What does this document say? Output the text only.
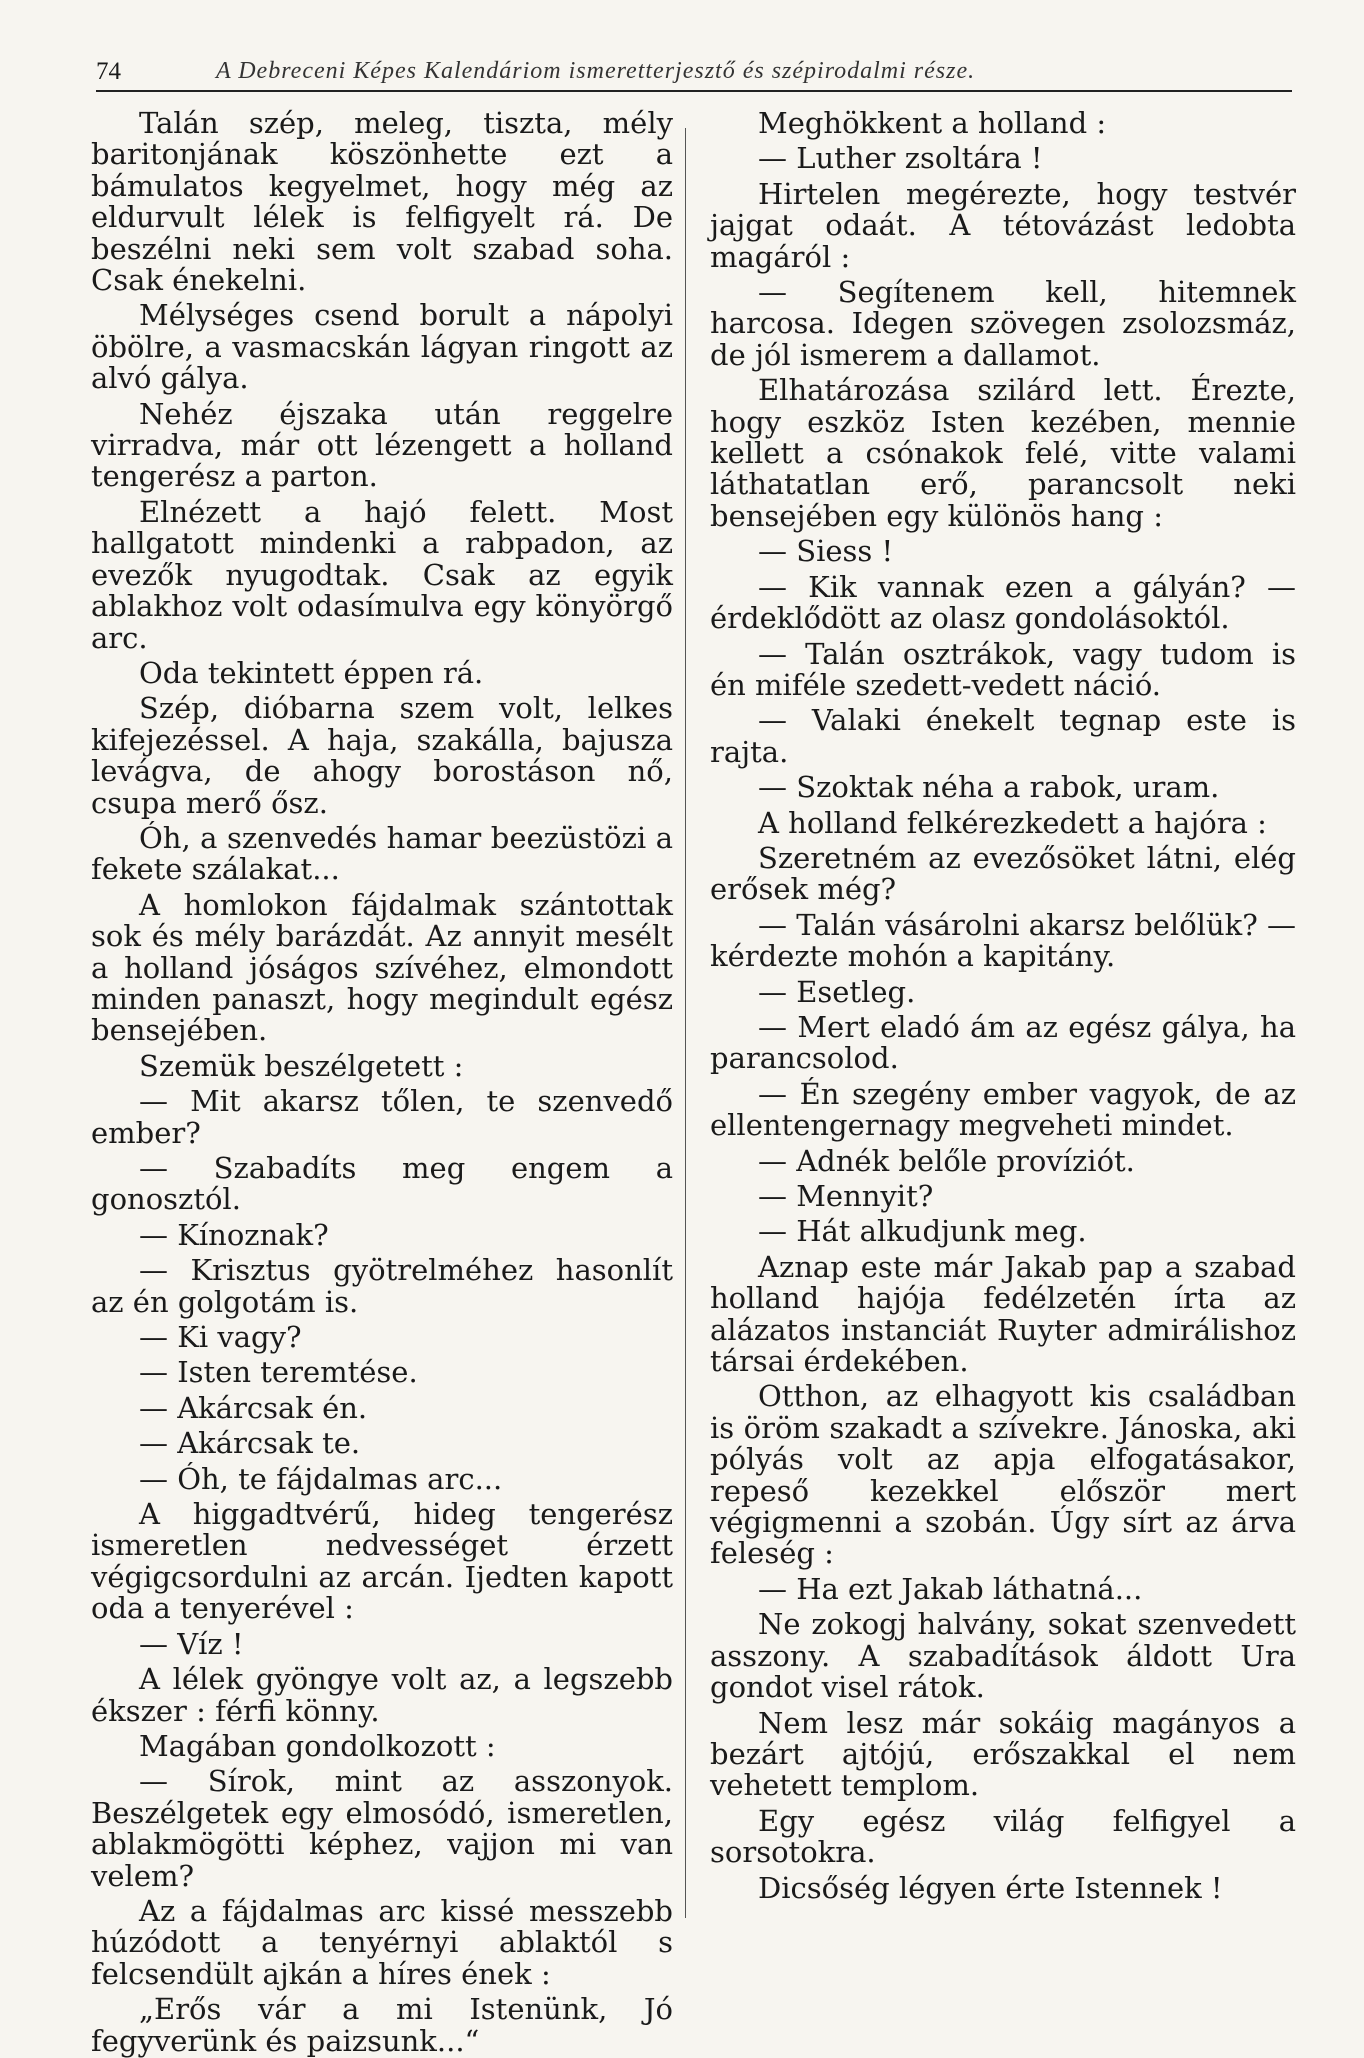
74	A Debreceni Képes Kalendáriom ismeretterjesztő és szépirodalmi része.

Talán szép, meleg, tiszta, mély baritonjának köszönhette ezt a bámulatos kegyelmet, hogy még az eldurvult lélek is felfigyelt rá. De beszélni neki sem volt szabad soha. Csak énekelni.

Mélységes csend borult a nápolyi öbölre, a vasmacskán lágyan ringott az alvó gálya.

Nehéz éjszaka után reggelre virradva, már ott lézengett a holland tengerész a parton.

Elnézett a hajó felett. Most hallgatott mindenki a rabpadon, az evezők nyugodtak. Csak az egyik ablakhoz volt odasímulva egy könyörgő arc.

Oda tekintett éppen rá.

Szép, dióbarna szem volt, lelkes kifejezéssel. A haja, szakálla, bajusza levágva, de ahogy borostáson nő, csupa merő ősz.

Óh, a szenvedés hamar beezüstözi a fekete szálakat...

A homlokon fájdalmak szántottak sok és mély barázdát. Az annyit mesélt a holland jóságos szívéhez, elmondott minden panaszt, hogy megindult egész bensejében.

Szemük beszélgetett :

— Mit akarsz tőlen, te szenvedő ember?

— Szabadíts meg engem a gonosztól.

— Kínoznak?

— Krisztus gyötrelméhez hasonlít az én golgotám is.

— Ki vagy?

— Isten teremtése.

— Akárcsak én.

— Akárcsak te.

— Óh, te fájdalmas arc...

A higgadtvérű, hideg tengerész ismeretlen nedvességet érzett végigcsordulni az arcán. Ijedten kapott oda a tenyerével :

— Víz !

A lélek gyöngye volt az, a legszebb ékszer : férfi könny.

Magában gondolkozott :

— Sírok, mint az asszonyok. Beszélgetek egy elmosódó, ismeretlen, ablakmögötti képhez, vajjon mi van velem?

Az a fájdalmas arc kissé messzebb húzódott a tenyérnyi ablaktól s felcsendült ajkán a híres ének :

„Erős vár a mi Istenünk, Jó fegyverünk és paizsunk...“

Meghökkent a holland :

— Luther zsoltára !

Hirtelen megérezte, hogy testvér jajgat odaát. A tétovázást ledobta magáról :

— Segítenem kell, hitemnek harcosa. Idegen szövegen zsolozsmáz, de jól ismerem a dallamot.

Elhatározása szilárd lett. Érezte, hogy eszköz Isten kezében, mennie kellett a csónakok felé, vitte valami láthatatlan erő, parancsolt neki bensejében egy különös hang :

— Siess !

— Kik vannak ezen a gályán? — érdeklődött az olasz gondolásoktól.

— Talán osztrákok, vagy tudom is én miféle szedett-vedett náció.

— Valaki énekelt tegnap este is rajta.

— Szoktak néha a rabok, uram.

A holland felkérezkedett a hajóra :

Szeretném az evezősöket látni, elég erősek még?

— Talán vásárolni akarsz belőlük? — kérdezte mohón a kapitány.

— Esetleg.

— Mert eladó ám az egész gálya, ha parancsolod.

— Én szegény ember vagyok, de az ellentengernagy megveheti mindet.

— Adnék belőle províziót.

— Mennyit?

— Hát alkudjunk meg.

Aznap este már Jakab pap a szabad holland hajója fedélzetén írta az alázatos instanciát Ruyter admirálishoz társai érdekében.

Otthon, az elhagyott kis családban is öröm szakadt a szívekre. Jánoska, aki pólyás volt az apja elfogatásakor, repeső kezekkel először mert végigmenni a szobán. Úgy sírt az árva feleség :

— Ha ezt Jakab láthatná...

Ne zokogj halvány, sokat szenvedett asszony. A szabadítások áldott Ura gondot visel rátok.

Nem lesz már sokáig magányos a bezárt ajtójú, erőszakkal el nem vehetett templom.

Egy egész világ felfigyel a sorsotokra.

Dicsőség légyen érte Istennek !
